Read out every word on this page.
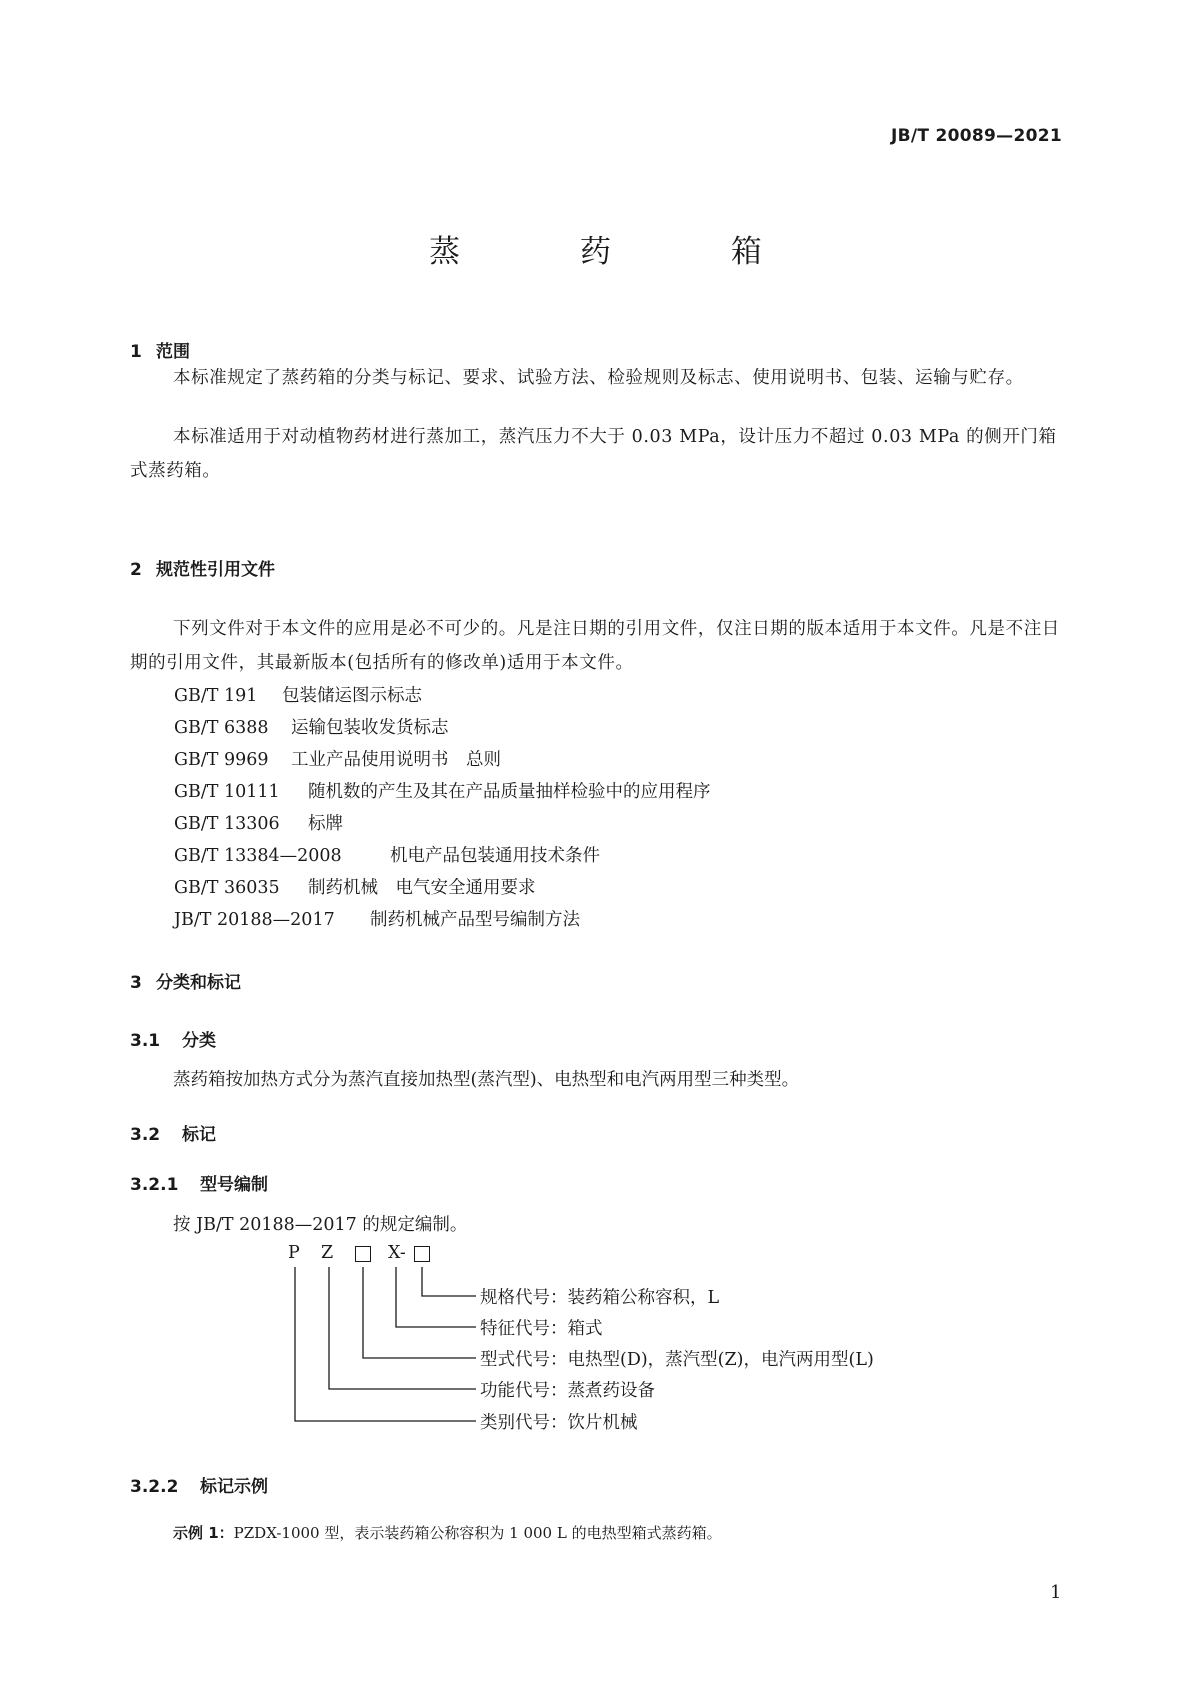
JB/T 20089—2021
蒸 药 箱
1 范围
本标准规定了蒸药箱的分类与标记、要求、试验方法、检验规则及标志、使用说明书、包装、运输与贮存。
本标准适用于对动植物药材进行蒸加工，蒸汽压力不大于 0.03 MPa，设计压力不超过 0.03 MPa 的侧开门箱式蒸药箱。
2 规范性引用文件
下列文件对于本文件的应用是必不可少的。凡是注日期的引用文件，仅注日期的版本适用于本文件。凡是不注日期的引用文件，其最新版本(包括所有的修改单)适用于本文件。
GB/T 191 包装储运图示标志
GB/T 6388 运输包装收发货标志
GB/T 9969 工业产品使用说明书　总则
GB/T 10111 随机数的产生及其在产品质量抽样检验中的应用程序
GB/T 13306 标牌
GB/T 13384—2008	机电产品包装通用技术条件
GB/T 36035 制药机械　电气安全通用要求
JB/T 20188—2017 制药机械产品型号编制方法
3 分类和标记
3.1 分类
蒸药箱按加热方式分为蒸汽直接加热型(蒸汽型)、电热型和电汽两用型三种类型。
3.2 标记
3.2.1 型号编制
按 JB/T 20188—2017 的规定编制。
P Z	X-
规格代号：装药箱公称容积，L
特征代号：箱式
型式代号：电热型(D)，蒸汽型(Z)，电汽两用型(L)
功能代号：蒸煮药设备
类别代号：饮片机械
3.2.2 标记示例
示例 1：PZDX-1000 型，表示装药箱公称容积为 1 000 L 的电热型箱式蒸药箱。
1
